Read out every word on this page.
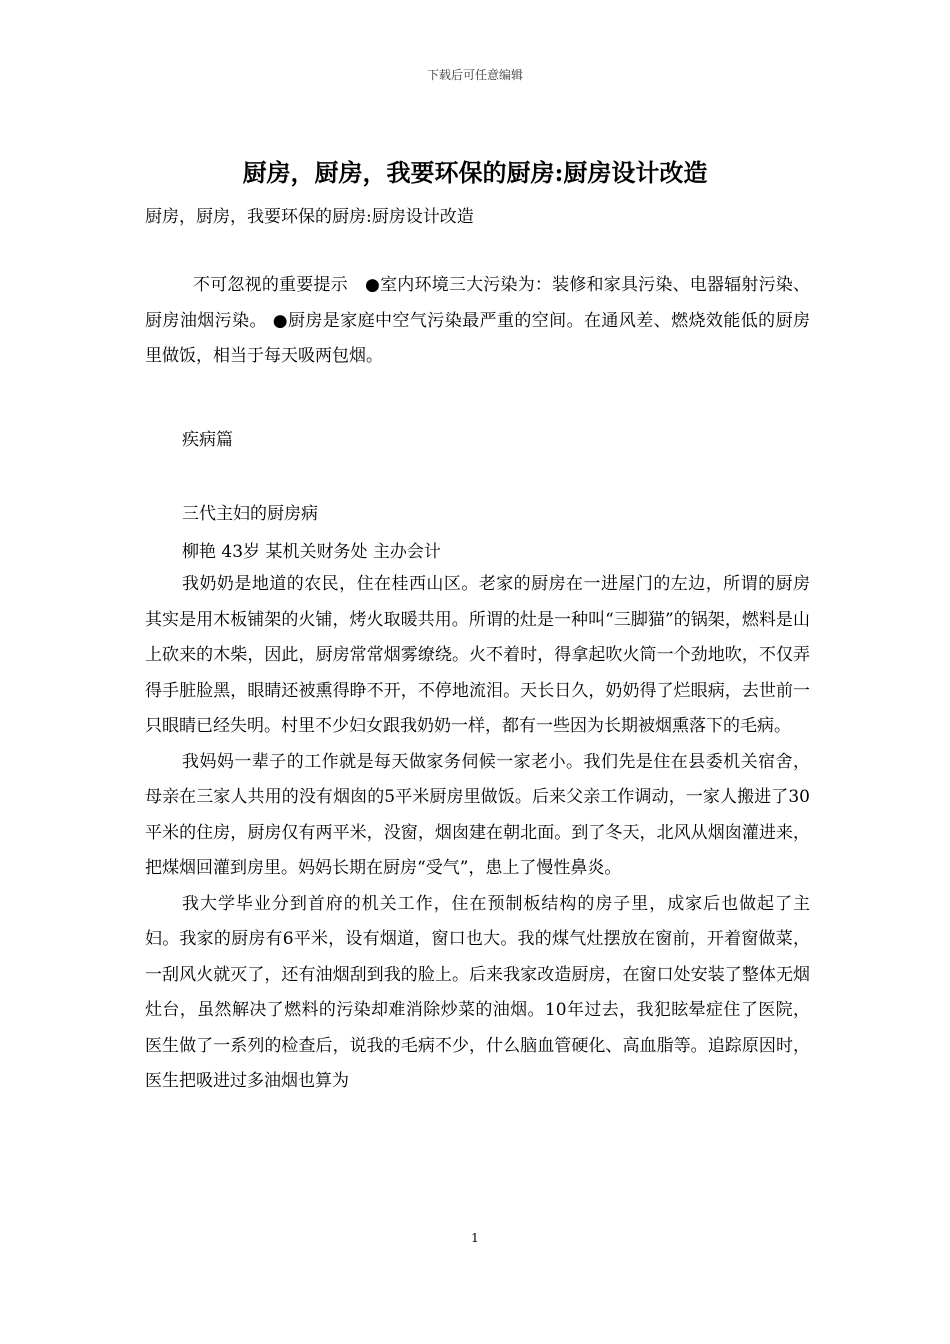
下载后可任意编辑
厨房，厨房，我要环保的厨房:厨房设计改造
厨房，厨房，我要环保的厨房:厨房设计改造
不可忽视的重要提示　●室内环境三大污染为：装修和家具污染、电器辐射污染、厨房油烟污染。 ●厨房是家庭中空气污染最严重的空间。在通风差、燃烧效能低的厨房里做饭，相当于每天吸两包烟。
疾病篇
三代主妇的厨房病
柳艳 43岁 某机关财务处 主办会计

我奶奶是地道的农民，住在桂西山区。老家的厨房在一进屋门的左边，所谓的厨房其实是用木板铺架的火铺，烤火取暖共用。所谓的灶是一种叫“三脚猫”的锅架，燃料是山上砍来的木柴，因此，厨房常常烟雾缭绕。火不着时，得拿起吹火筒一个劲地吹，不仅弄得手脏脸黑，眼睛还被熏得睁不开，不停地流泪。天长日久，奶奶得了烂眼病，去世前一只眼睛已经失明。村里不少妇女跟我奶奶一样，都有一些因为长期被烟熏落下的毛病。

我妈妈一辈子的工作就是每天做家务伺候一家老小。我们先是住在县委机关宿舍，母亲在三家人共用的没有烟囱的5平米厨房里做饭。后来父亲工作调动，一家人搬进了30平米的住房，厨房仅有两平米，没窗，烟囱建在朝北面。到了冬天，北风从烟囱灌进来，把煤烟回灌到房里。妈妈长期在厨房“受气”，患上了慢性鼻炎。

我大学毕业分到首府的机关工作，住在预制板结构的房子里，成家后也做起了主妇。我家的厨房有6平米，设有烟道，窗口也大。我的煤气灶摆放在窗前，开着窗做菜，一刮风火就灭了，还有油烟刮到我的脸上。后来我家改造厨房，在窗口处安装了整体无烟灶台，虽然解决了燃料的污染却难消除炒菜的油烟。10年过去，我犯眩晕症住了医院，医生做了一系列的检查后，说我的毛病不少，什么脑血管硬化、高血脂等。追踪原因时，医生把吸进过多油烟也算为

1
